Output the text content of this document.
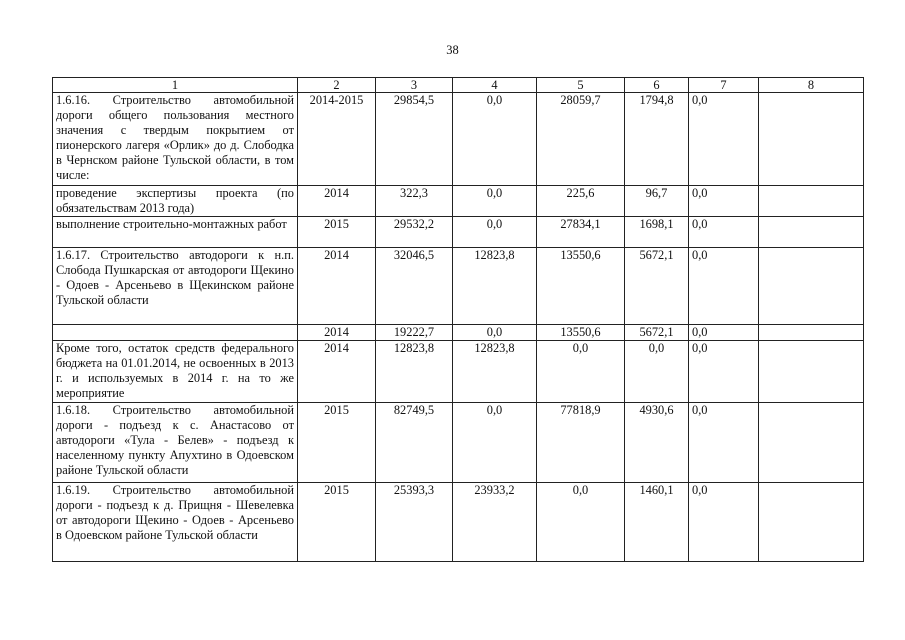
38
1	2	3	4	5	6	7	8
1.6.16. Строительство автомобильной дороги общего пользования местного значения с твердым покрытием от пионерского лагеря «Орлик» до д. Слободка в Чернском районе Тульской области, в том числе:	2014-2015	29854,5	0,0	28059,7	1794,8	0,0	
проведение экспертизы проекта (по обязательствам 2013 года)	2014	322,3	0,0	225,6	96,7	0,0	
выполнение строительно-монтажных работ	2015	29532,2	0,0	27834,1	1698,1	0,0	
1.6.17. Строительство автодороги к н.п. Слобода Пушкарская от автодороги Щекино - Одоев - Арсеньево в Щекинском районе Тульской области	2014	32046,5	12823,8	13550,6	5672,1	0,0	
	2014	19222,7	0,0	13550,6	5672,1	0,0	
Кроме того, остаток средств федерального бюджета на 01.01.2014, не освоенных в 2013 г. и используемых в 2014 г. на то же мероприятие	2014	12823,8	12823,8	0,0	0,0	0,0	
1.6.18. Строительство автомобильной дороги - подъезд к с. Анастасово от автодороги «Тула - Белев» - подъезд к населенному пункту Апухтино в Одоевском районе Тульской области	2015	82749,5	0,0	77818,9	4930,6	0,0	
1.6.19. Строительство автомобильной дороги - подъезд к д. Прищня - Шевелевка от автодороги Щекино - Одоев - Арсеньево в Одоевском районе Тульской области	2015	25393,3	23933,2	0,0	1460,1	0,0	
